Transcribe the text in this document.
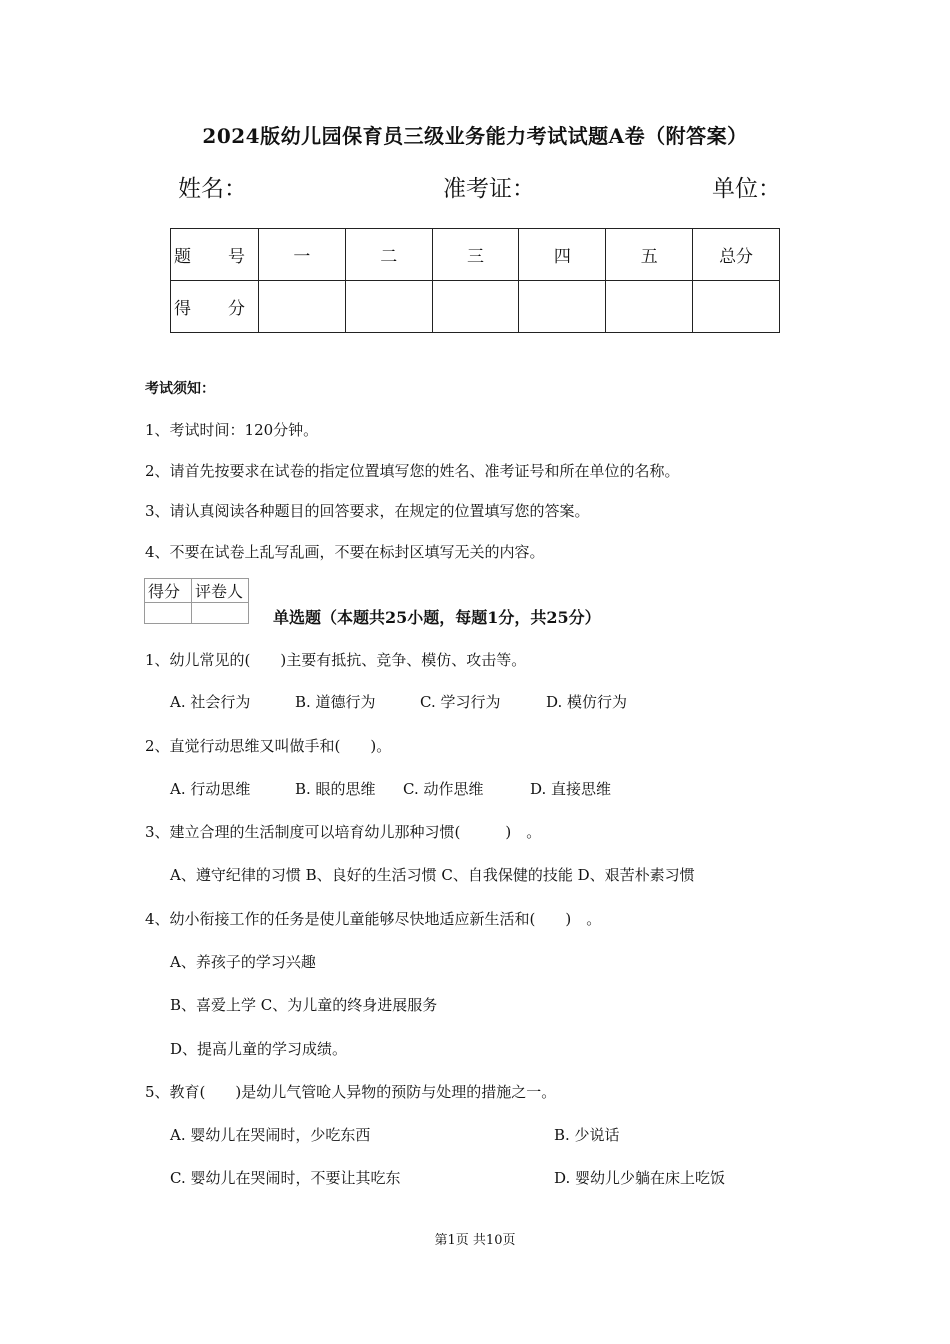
2024版幼儿园保育员三级业务能力考试试题A卷（附答案）
姓名：	准考证：	单位：
题　号	一	二	三	四	五	总分
得　分						
考试须知：
1、考试时间：120分钟。
2、请首先按要求在试卷的指定位置填写您的姓名、准考证号和所在单位的名称。
3、请认真阅读各种题目的回答要求，在规定的位置填写您的答案。
4、不要在试卷上乱写乱画，不要在标封区填写无关的内容。
得分	评卷人

单选题（本题共25小题，每题1分，共25分）
1、幼儿常见的(　　)主要有抵抗、竞争、模仿、攻击等。
A. 社会行为	B. 道德行为	C. 学习行为	D. 模仿行为
2、直觉行动思维又叫做手和(　　)。
A. 行动思维	B. 眼的思维 C. 动作思维	D. 直接思维
3、建立合理的生活制度可以培育幼儿那种习惯(　　　)　。
A、遵守纪律的习惯 B、良好的生活习惯 C、自我保健的技能 D、艰苦朴素习惯
4、幼小衔接工作的任务是使儿童能够尽快地适应新生活和(　　)　。
A、养孩子的学习兴趣
B、喜爱上学 C、为儿童的终身进展服务
D、提高儿童的学习成绩。
5、教育(　　)是幼儿气管呛人异物的预防与处理的措施之一。
A. 婴幼儿在哭闹时，少吃东西	B. 少说话
C. 婴幼儿在哭闹时，不要让其吃东	D. 婴幼儿少躺在床上吃饭
第1页 共10页
